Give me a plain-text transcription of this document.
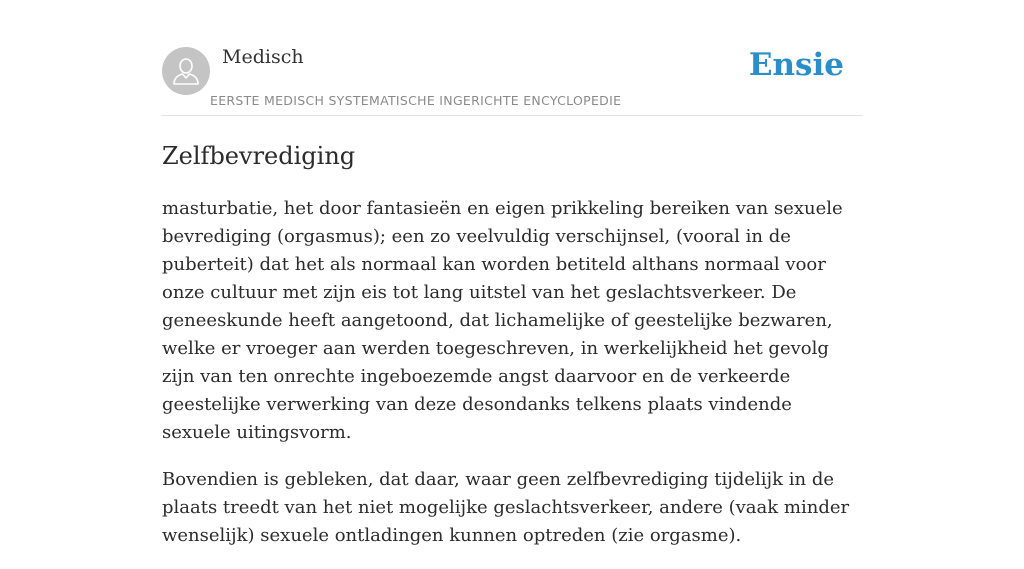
Medisch
EERSTE MEDISCH SYSTEMATISCHE INGERICHTE ENCYCLOPEDIE
Ensie
Zelfbevrediging

masturbatie, het door fantasieën en eigen prikkeling bereiken van sexuele bevrediging (orgasmus); een zo veelvuldig verschijnsel, (vooral in de puberteit) dat het als normaal kan worden betiteld althans normaal voor onze cultuur met zijn eis tot lang uitstel van het geslachtsverkeer. De geneeskunde heeft aangetoond, dat lichamelijke of geestelijke bezwaren, welke er vroeger aan werden toegeschreven, in werkelijkheid het gevolg zijn van ten onrechte ingeboezemde angst daarvoor en de verkeerde geestelijke verwerking van deze desondanks telkens plaats vindende sexuele uitingsvorm.

Bovendien is gebleken, dat daar, waar geen zelfbevrediging tijdelijk in de plaats treedt van het niet mogelijke geslachtsverkeer, andere (vaak minder wenselijk) sexuele ontladingen kunnen optreden (zie orgasme).
